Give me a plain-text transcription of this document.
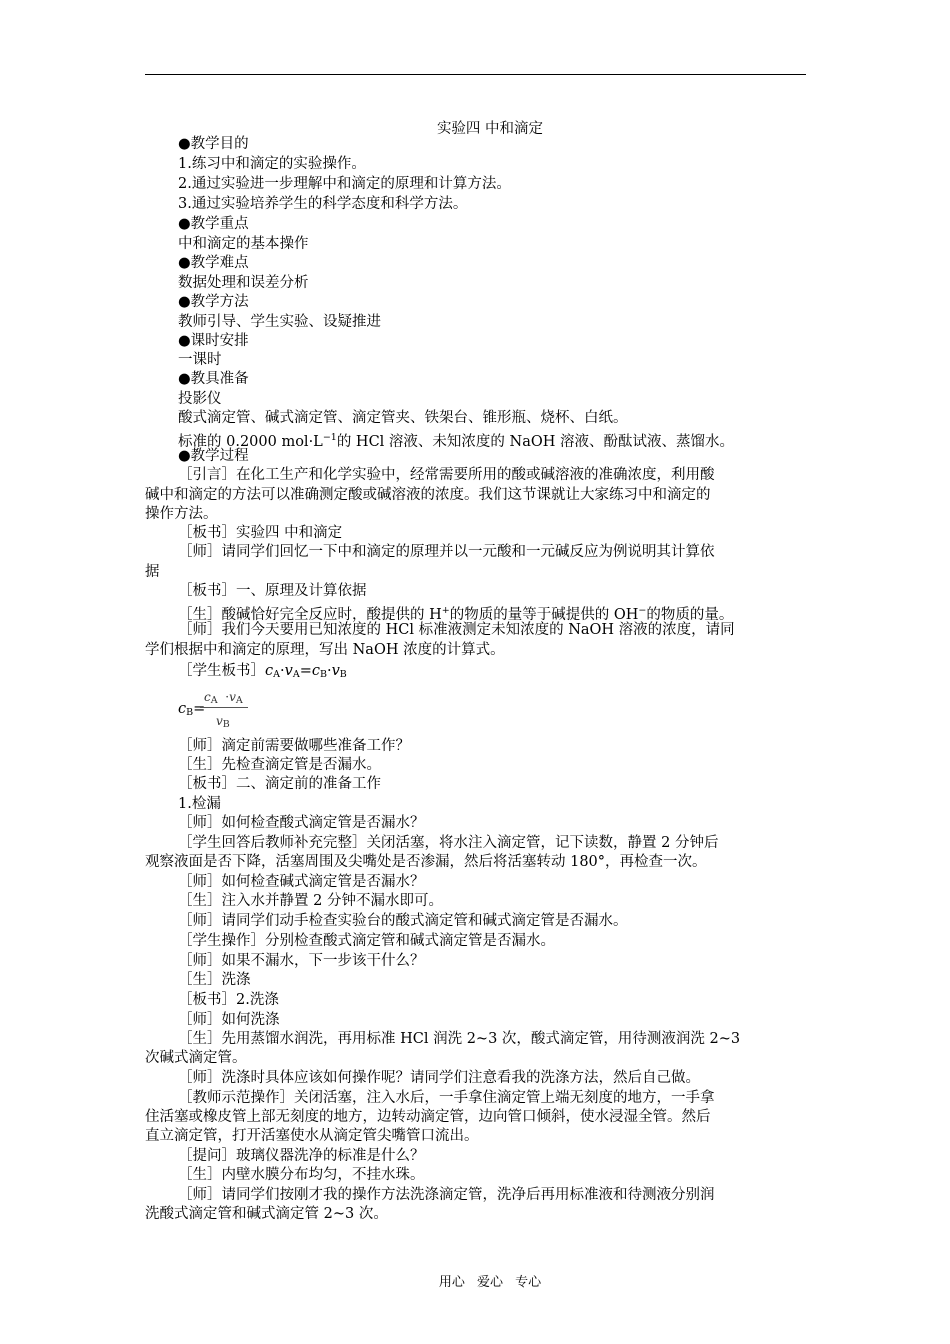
实验四 中和滴定
●教学目的
1.练习中和滴定的实验操作。
2.通过实验进一步理解中和滴定的原理和计算方法。
3.通过实验培养学生的科学态度和科学方法。
●教学重点
中和滴定的基本操作
●教学难点
数据处理和误差分析
●教学方法
教师引导、学生实验、设疑推进
●课时安排
一课时
●教具准备
投影仪
酸式滴定管、碱式滴定管、滴定管夹、铁架台、锥形瓶、烧杯、白纸。
标准的 0.2000 $mol\cdot L^{-1}$的 HCl 溶液、未知浓度的 NaOH 溶液、酚酞试液、蒸馏水。
●教学过程
［引言］在化工生产和化学实验中，经常需要所用的酸或碱溶液的准确浓度，利用酸
碱中和滴定的方法可以准确测定酸或碱溶液的浓度。我们这节课就让大家练习中和滴定的
操作方法。
［板书］实验四 中和滴定
［师］请同学们回忆一下中和滴定的原理并以一元酸和一元碱反应为例说明其计算依
据
［板书］一、原理及计算依据
［生］酸碱恰好完全反应时，酸提供的 H+的物质的量等于碱提供的 OH−的物质的量。
［师］我们今天要用已知浓度的 HCl 标准液测定未知浓度的 NaOH 溶液的浓度，请同
学们根据中和滴定的原理，写出 NaOH 浓度的计算式。
［学生板书$]c_A\cdot v_A=c_B\cdot v_B$
$c_B=$
$c_A \cdot v_A$
$v_B$
［师］滴定前需要做哪些准备工作？
［生］先检查滴定管是否漏水。
［板书］二、滴定前的准备工作
1.检漏
［师］如何检查酸式滴定管是否漏水？
［学生回答后教师补充完整］关闭活塞，将水注入滴定管，记下读数，静置 2 分钟后
观察液面是否下降，活塞周围及尖嘴处是否渗漏，然后将活塞转动 180°，再检查一次。
［师］如何检查碱式滴定管是否漏水？
［生］注入水并静置 2 分钟不漏水即可。
［师］请同学们动手检查实验台的酸式滴定管和碱式滴定管是否漏水。
［学生操作］分别检查酸式滴定管和碱式滴定管是否漏水。
［师］如果不漏水，下一步该干什么？
［生］洗涤
［板书］2.洗涤
［师］如何洗涤
［生］先用蒸馏水润洗，再用标准 HCl 润洗 2~3 次，酸式滴定管，用待测液润洗 2~3
次碱式滴定管。
［师］洗涤时具体应该如何操作呢？请同学们注意看我的洗涤方法，然后自己做。
［教师示范操作］关闭活塞，注入水后，一手拿住滴定管上端无刻度的地方，一手拿
住活塞或橡皮管上部无刻度的地方，边转动滴定管，边向管口倾斜，使水浸湿全管。然后
直立滴定管，打开活塞使水从滴定管尖嘴管口流出。
［提问］玻璃仪器洗净的标准是什么？
［生］内壁水膜分布均匀，不挂水珠。
［师］请同学们按刚才我的操作方法洗涤滴定管，洗净后再用标准液和待测液分别润
洗酸式滴定管和碱式滴定管 2~3 次。
用心 爱心 专心
